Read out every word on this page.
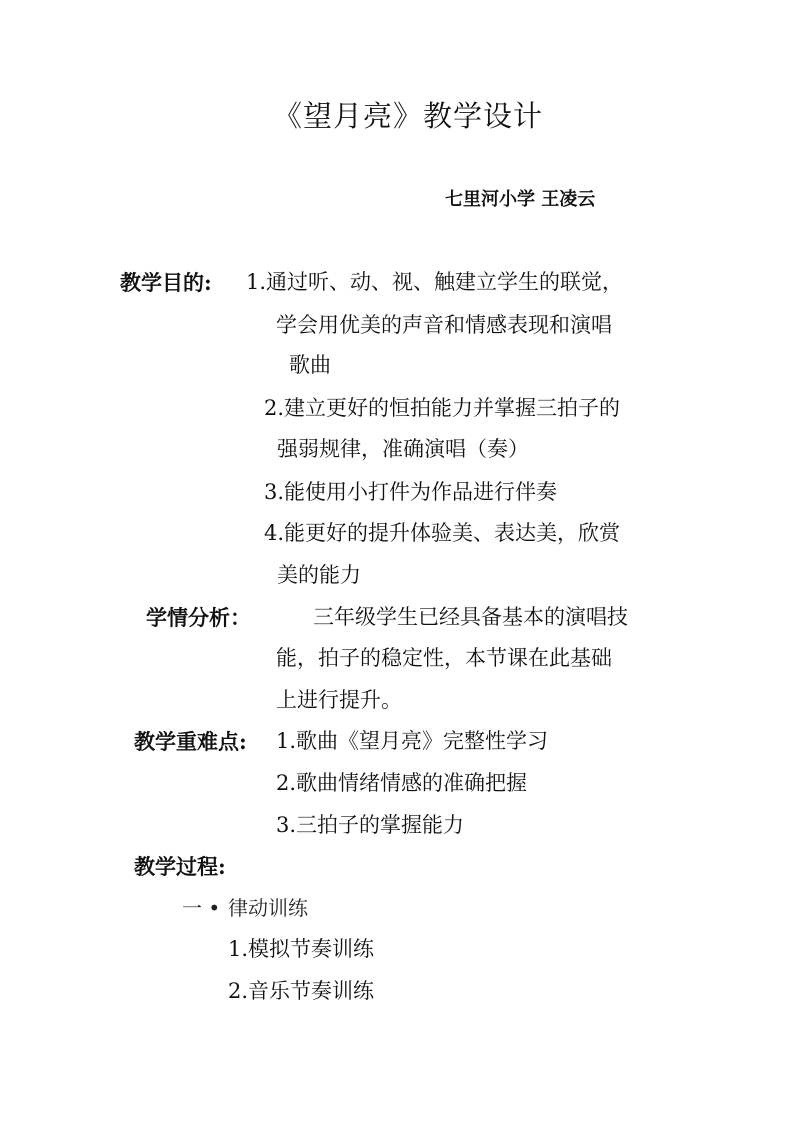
《望月亮》教学设计
七里河小学 王凌云
教学目的: 1.通过听、动、视、触建立学生的联觉，
学会用优美的声音和情感表现和演唱
歌曲
2.建立更好的恒拍能力并掌握三拍子的
强弱规律，准确演唱（奏）
3.能使用小打件为作品进行伴奏
4.能更好的提升体验美、表达美，欣赏
美的能力
学情分析：	三年级学生已经具备基本的演唱技
能，拍子的稳定性，本节课在此基础
上进行提升。
教学重难点: 1.歌曲《望月亮》完整性学习
2.歌曲情绪情感的准确把握
3.三拍子的掌握能力
教学过程:
一 • 律动训练
1.模拟节奏训练
2.音乐节奏训练
